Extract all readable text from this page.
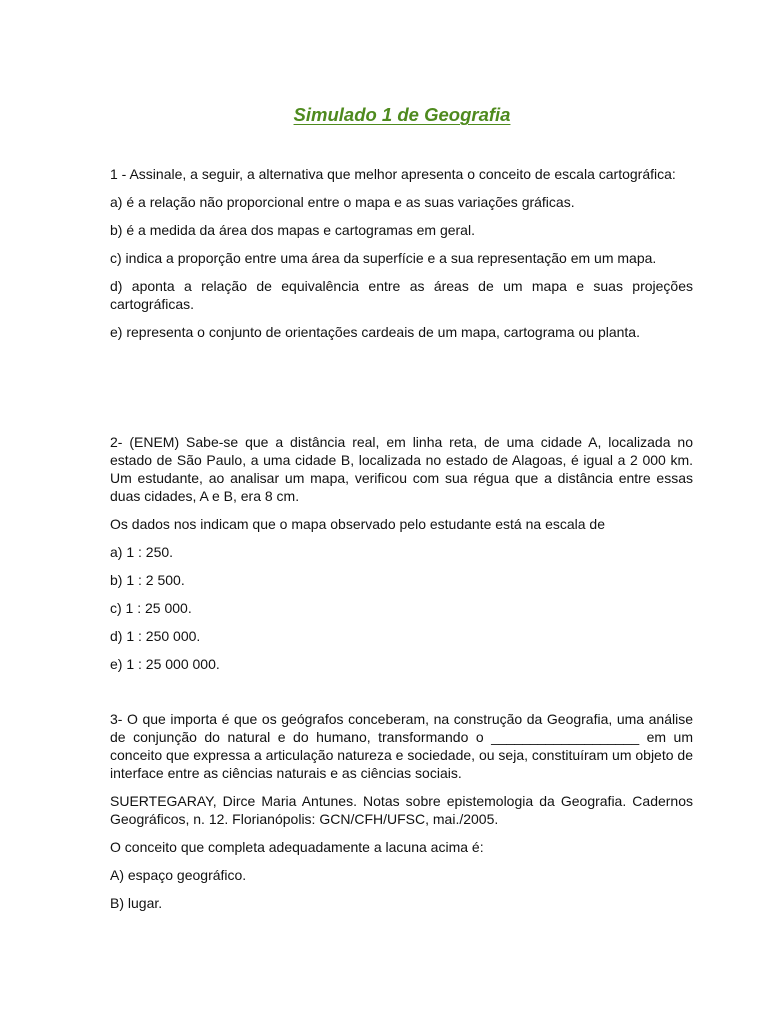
Simulado 1 de Geografia

1 - Assinale, a seguir, a alternativa que melhor apresenta o conceito de escala cartográfica:

a) é a relação não proporcional entre o mapa e as suas variações gráficas.

b) é a medida da área dos mapas e cartogramas em geral.

c) indica a proporção entre uma área da superfície e a sua representação em um mapa.

d) aponta a relação de equivalência entre as áreas de um mapa e suas projeções cartográficas.

e) representa o conjunto de orientações cardeais de um mapa, cartograma ou planta.

2- (ENEM) Sabe-se que a distância real, em linha reta, de uma cidade A, localizada no estado de São Paulo, a uma cidade B, localizada no estado de Alagoas, é igual a 2 000 km. Um estudante, ao analisar um mapa, verificou com sua régua que a distância entre essas duas cidades, A e B, era 8 cm.

Os dados nos indicam que o mapa observado pelo estudante está na escala de

a) 1 : 250.

b) 1 : 2 500.

c) 1 : 25 000.

d) 1 : 250 000.

e) 1 : 25 000 000.

3- O que importa é que os geógrafos conceberam, na construção da Geografia, uma análise de conjunção do natural e do humano, transformando o ___________________ em um conceito que expressa a articulação natureza e sociedade, ou seja, constituíram um objeto de interface entre as ciências naturais e as ciências sociais.

SUERTEGARAY, Dirce Maria Antunes. Notas sobre epistemologia da Geografia. Cadernos Geográficos, n. 12. Florianópolis: GCN/CFH/UFSC, mai./2005.

O conceito que completa adequadamente a lacuna acima é:

A) espaço geográfico.

B) lugar.
